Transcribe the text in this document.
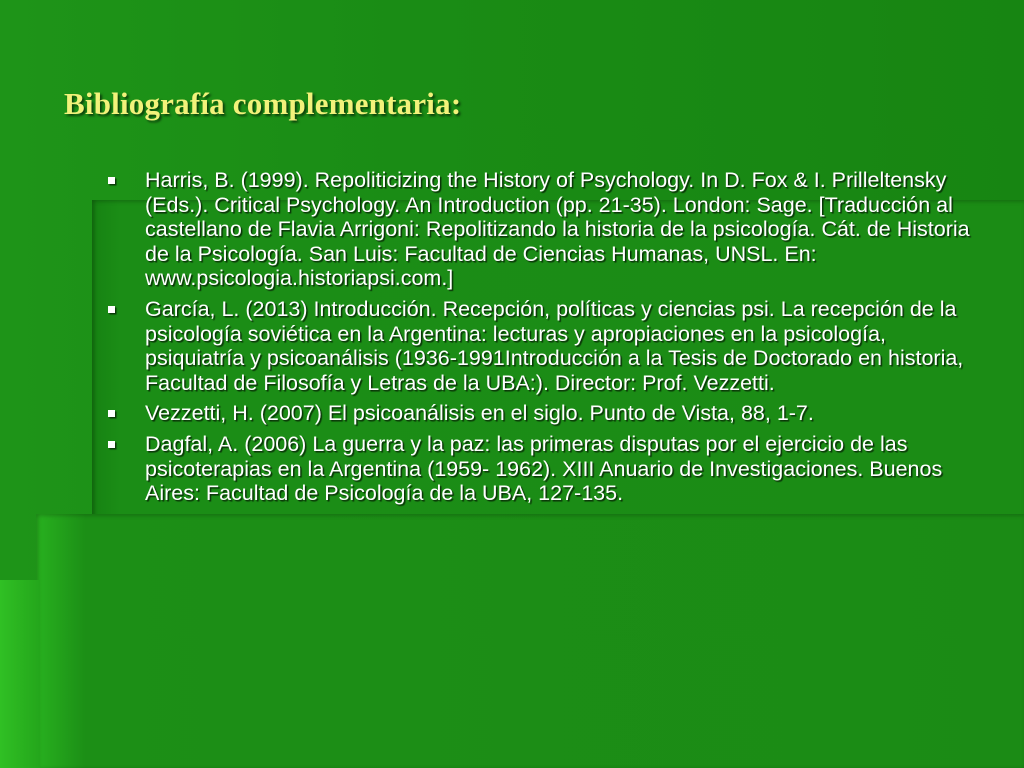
Bibliografía complementaria:
Harris, B. (1999). Repoliticizing the History of Psychology. In D. Fox & I. Prilleltensky (Eds.). Critical Psychology. An Introduction (pp. 21-35). London: Sage. [Traducción al castellano de Flavia Arrigoni: Repolitizando la historia de la psicología. Cát. de Historia de la Psicología. San Luis: Facultad de Ciencias Humanas, UNSL. En: www.psicologia.historiapsi.com.]
García, L. (2013) Introducción. Recepción, políticas y ciencias psi. La recepción de la psicología soviética en la Argentina: lecturas y apropiaciones en la psicología, psiquiatría y psicoanálisis (1936-1991Introducción a la Tesis de Doctorado en historia, Facultad de Filosofía y Letras de la UBA:). Director: Prof. Vezzetti.
Vezzetti, H. (2007) El psicoanálisis en el siglo. Punto de Vista, 88, 1-7.
Dagfal, A. (2006) La guerra y la paz: las primeras disputas por el ejercicio de las psicoterapias en la Argentina (1959- 1962). XIII Anuario de Investigaciones. Buenos Aires: Facultad de Psicología de la UBA, 127-135.
